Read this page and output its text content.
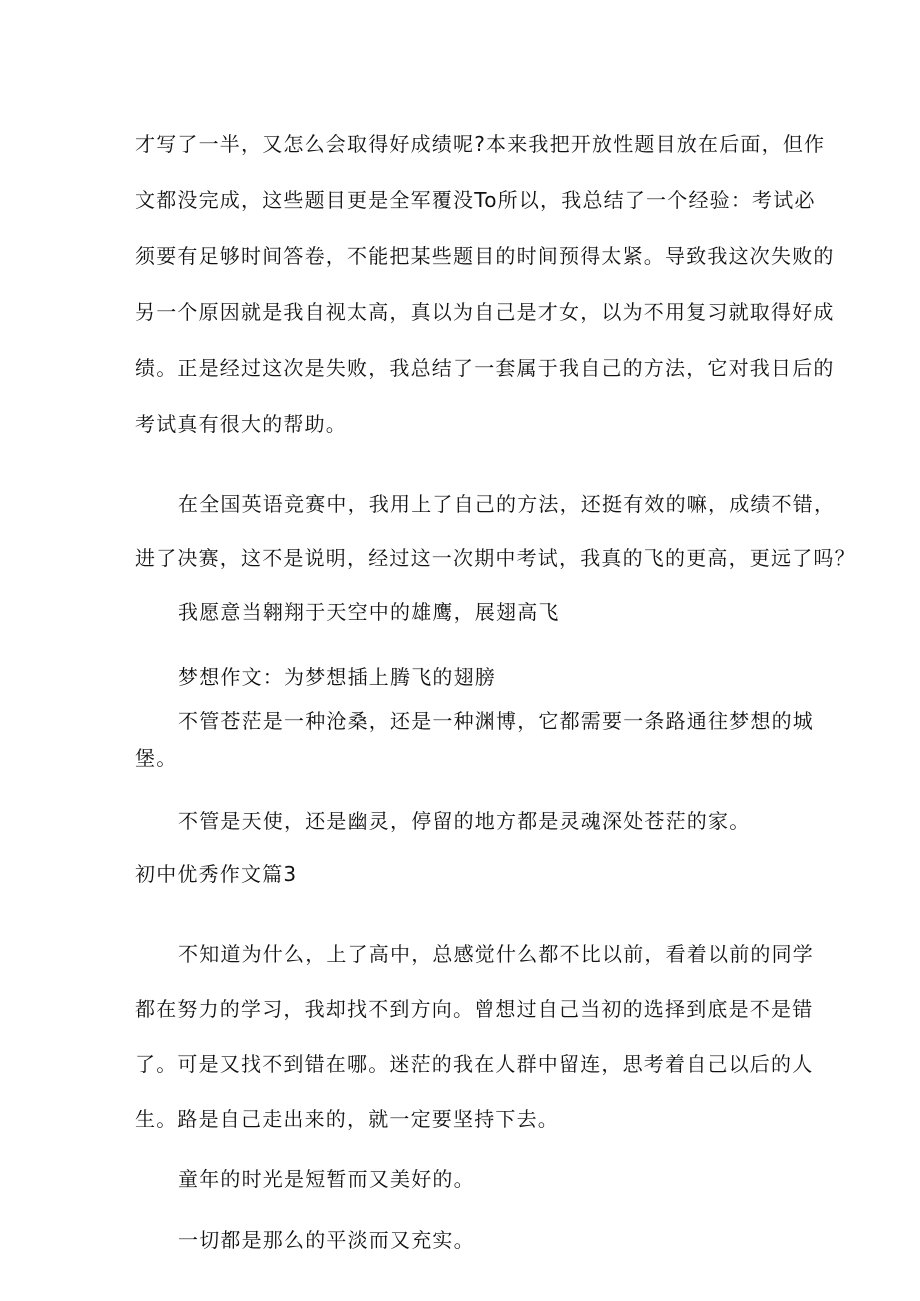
才写了一半，又怎么会取得好成绩呢?本来我把开放性题目放在后面，但作
文都没完成，这些题目更是全军覆没To所以，我总结了一个经验：考试必
须要有足够时间答卷，不能把某些题目的时间预得太紧。导致我这次失败的
另一个原因就是我自视太高，真以为自己是才女，以为不用复习就取得好成
绩。正是经过这次是失败，我总结了一套属于我自己的方法，它对我日后的
考试真有很大的帮助。
在全国英语竞赛中，我用上了自己的方法，还挺有效的嘛，成绩不错，
进了决赛，这不是说明，经过这一次期中考试，我真的飞的更高，更远了吗？
我愿意当翱翔于天空中的雄鹰，展翅高飞
梦想作文：为梦想插上腾飞的翅膀
不管苍茫是一种沧桑，还是一种渊博，它都需要一条路通往梦想的城
堡。
不管是天使，还是幽灵，停留的地方都是灵魂深处苍茫的家。
初中优秀作文篇3
不知道为什么，上了高中，总感觉什么都不比以前，看着以前的同学
都在努力的学习，我却找不到方向。曾想过自己当初的选择到底是不是错
了。可是又找不到错在哪。迷茫的我在人群中留连，思考着自己以后的人
生。路是自己走出来的，就一定要坚持下去。
童年的时光是短暂而又美好的。
一切都是那么的平淡而又充实。
